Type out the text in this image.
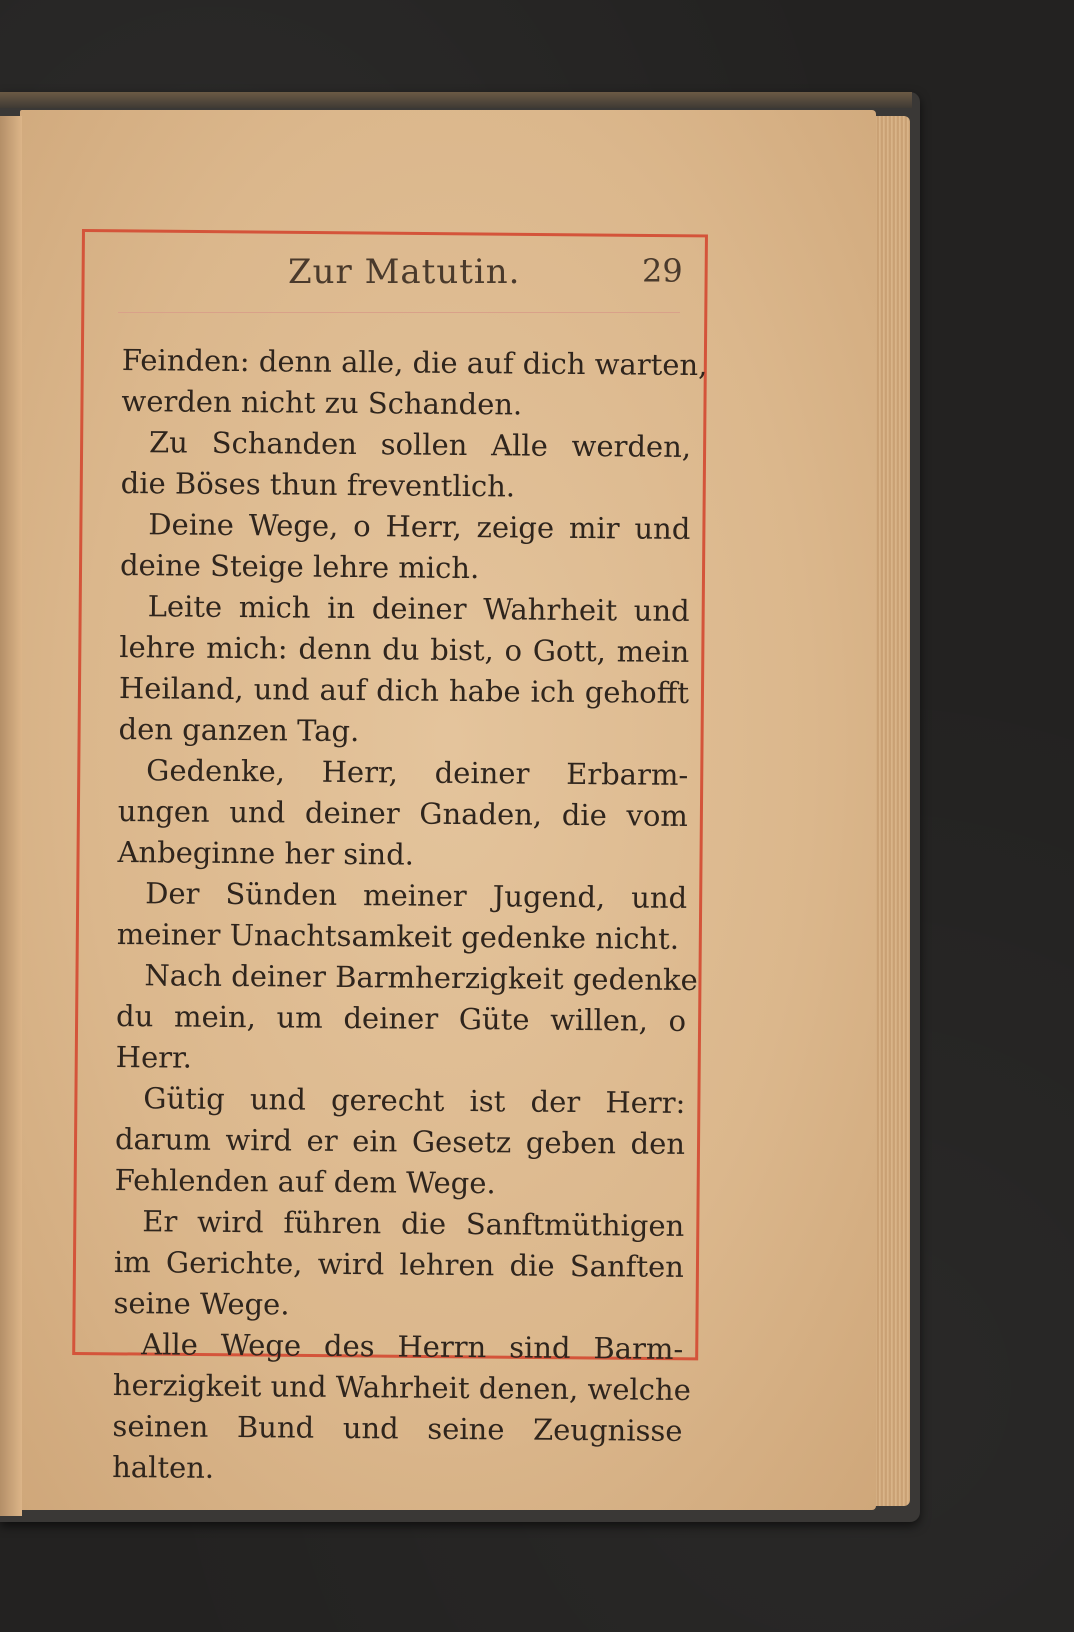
Zur Matutin.	29
Feinden: denn alle, die auf dich warten,
werden nicht zu Schanden.
Zu Schanden sollen Alle werden,
die Böses thun freventlich.
Deine Wege, o Herr, zeige mir und
deine Steige lehre mich.
Leite mich in deiner Wahrheit und
lehre mich: denn du bist, o Gott, mein
Heiland, und auf dich habe ich gehofft
den ganzen Tag.
Gedenke, Herr, deiner Erbarm-
ungen und deiner Gnaden, die vom
Anbeginne her sind.
Der Sünden meiner Jugend, und
meiner Unachtsamkeit gedenke nicht.
Nach deiner Barmherzigkeit gedenke
du mein, um deiner Güte willen, o
Herr.
Gütig und gerecht ist der Herr:
darum wird er ein Gesetz geben den
Fehlenden auf dem Wege.
Er wird führen die Sanftmüthigen
im Gerichte, wird lehren die Sanften
seine Wege.
Alle Wege des Herrn sind Barm-
herzigkeit und Wahrheit denen, welche
seinen Bund und seine Zeugnisse
halten.
